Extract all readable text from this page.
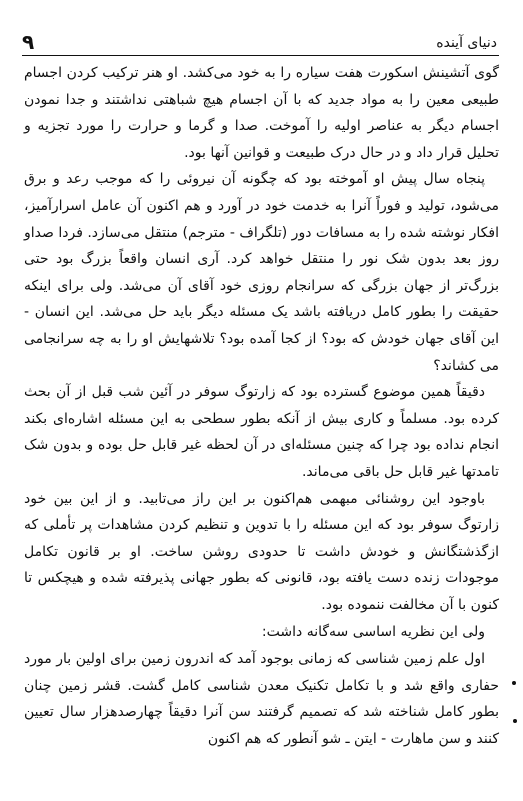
۹	دنیای آینده

گوی آتشینش اسکورت هفت سیاره را به خود می‌کشد. او هنر ترکیب کردن اجسام طبیعی معین را به مواد جدید که با آن اجسام هیچ شباهتی نداشتند و جدا نمودن اجسام دیگر به عناصر اولیه را آموخت. صدا و گرما و حرارت را مورد تجزیه و تحلیل قرار داد و در حال درک طبیعت و قوانین آنها بود.

پنجاه سال پیش او آموخته بود که چگونه آن نیروئی را که موجب رعد و برق می‌شود، تولید و فوراً آنرا به خدمت خود در آورد و هم اکنون آن عامل اسرارآمیز، افکار نوشته شده را به مسافات دور (تلگراف - مترجم) منتقل می‌سازد. فردا صداو روز بعد بدون شک نور را منتقل خواهد کرد. آری انسان واقعاً بزرگ بود حتی بزرگ‌تر از جهان بزرگی که سرانجام روزی خود آقای آن می‌شد. ولی برای اینکه حقیقت را بطور کامل دریافته باشد یک مسئله دیگر باید حل می‌شد. این انسان - این آقای جهان خودش که بود؟ از کجا آمده بود؟ تلاشهایش او را به چه سرانجامی می کشاند؟

دقیقاً همین موضوع گسترده بود که زارتوگ سوفر در آئین شب قبل از آن بحث کرده بود. مسلماً و کاری بیش از آنکه بطور سطحی به این مسئله اشاره‌ای بکند انجام نداده بود چرا که چنین مسئله‌ای در آن لحظه غیر قابل حل بوده و بدون شک تامدتها غیر قابل حل باقی می‌ماند.

باوجود این روشنائی مبهمی هم‌اکنون بر این راز می‌تابید. و از این بین خود زارتوگ سوفر بود که این مسئله را با تدوین و تنظیم کردن مشاهدات پر تأملی که ازگذشتگانش و خودش داشت تا حدودی روشن ساخت. او بر قانون تکامل موجودات زنده دست یافته بود، قانونی که بطور جهانی پذیرفته شده و هیچکس تا کنون با آن مخالفت ننموده بود.

ولی این نظریه اساسی سه‌گانه داشت:

اول علم زمین شناسی که زمانی بوجود آمد که اندرون زمین برای اولین بار مورد حفاری واقع شد و با تکامل تکنیک معدن شناسی کامل گشت. قشر زمین چنان بطور کامل شناخته شد که تصمیم گرفتند سن آنرا دقیقاً چهارصدهزار سال تعیین کنند و سن ماهارت - ایتن ـ شو آنطور که هم اکنون
